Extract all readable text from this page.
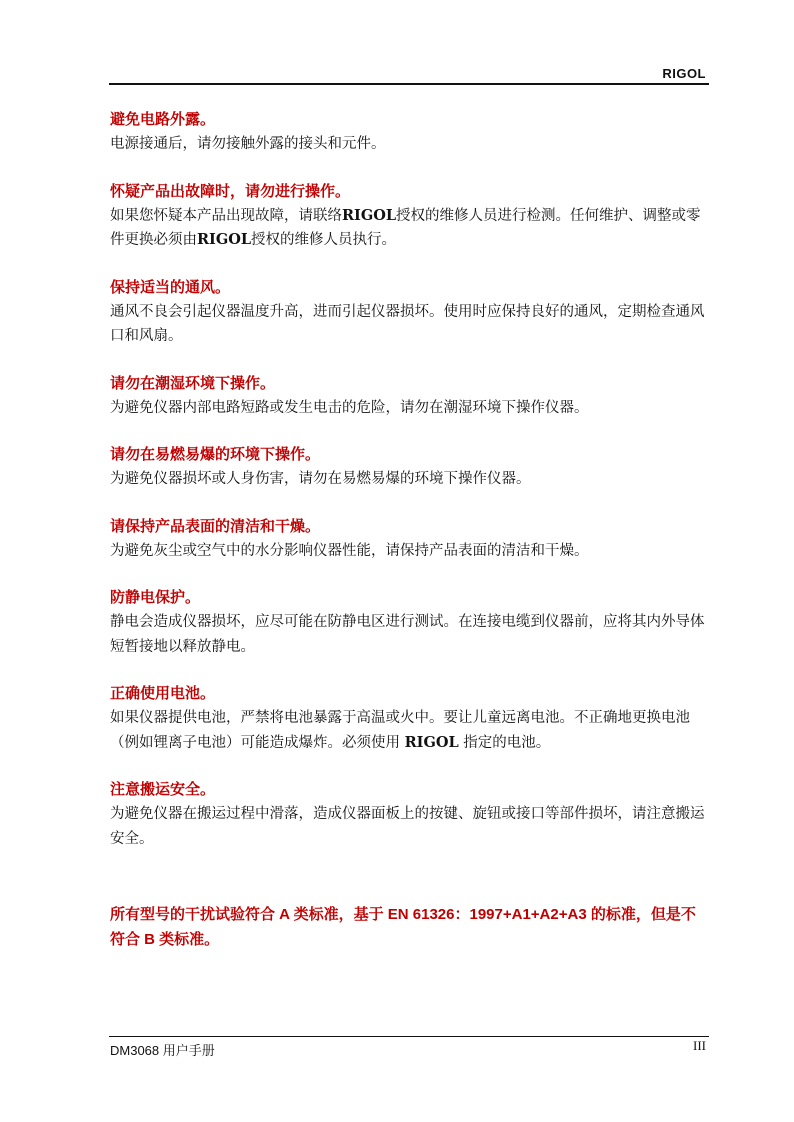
RIGOL

避免电路外露。

电源接通后，请勿接触外露的接头和元件。

怀疑产品出故障时，请勿进行操作。

如果您怀疑本产品出现故障，请联络RIGOL授权的维修人员进行检测。任何维护、调整或零件更换必须由RIGOL授权的维修人员执行。

保持适当的通风。

通风不良会引起仪器温度升高，进而引起仪器损坏。使用时应保持良好的通风，定期检查通风口和风扇。

请勿在潮湿环境下操作。

为避免仪器内部电路短路或发生电击的危险，请勿在潮湿环境下操作仪器。

请勿在易燃易爆的环境下操作。

为避免仪器损坏或人身伤害，请勿在易燃易爆的环境下操作仪器。

请保持产品表面的清洁和干燥。

为避免灰尘或空气中的水分影响仪器性能，请保持产品表面的清洁和干燥。

防静电保护。

静电会造成仪器损坏，应尽可能在防静电区进行测试。在连接电缆到仪器前，应将其内外导体短暂接地以释放静电。

正确使用电池。

如果仪器提供电池，严禁将电池暴露于高温或火中。要让儿童远离电池。不正确地更换电池（例如锂离子电池）可能造成爆炸。必须使用 RIGOL 指定的电池。

注意搬运安全。

为避免仪器在搬运过程中滑落，造成仪器面板上的按键、旋钮或接口等部件损坏，请注意搬运安全。

所有型号的干扰试验符合 A 类标准，基于 EN 61326：1997+A1+A2+A3 的标准，但是不符合 B 类标准。
DM3068 用户手册	III
